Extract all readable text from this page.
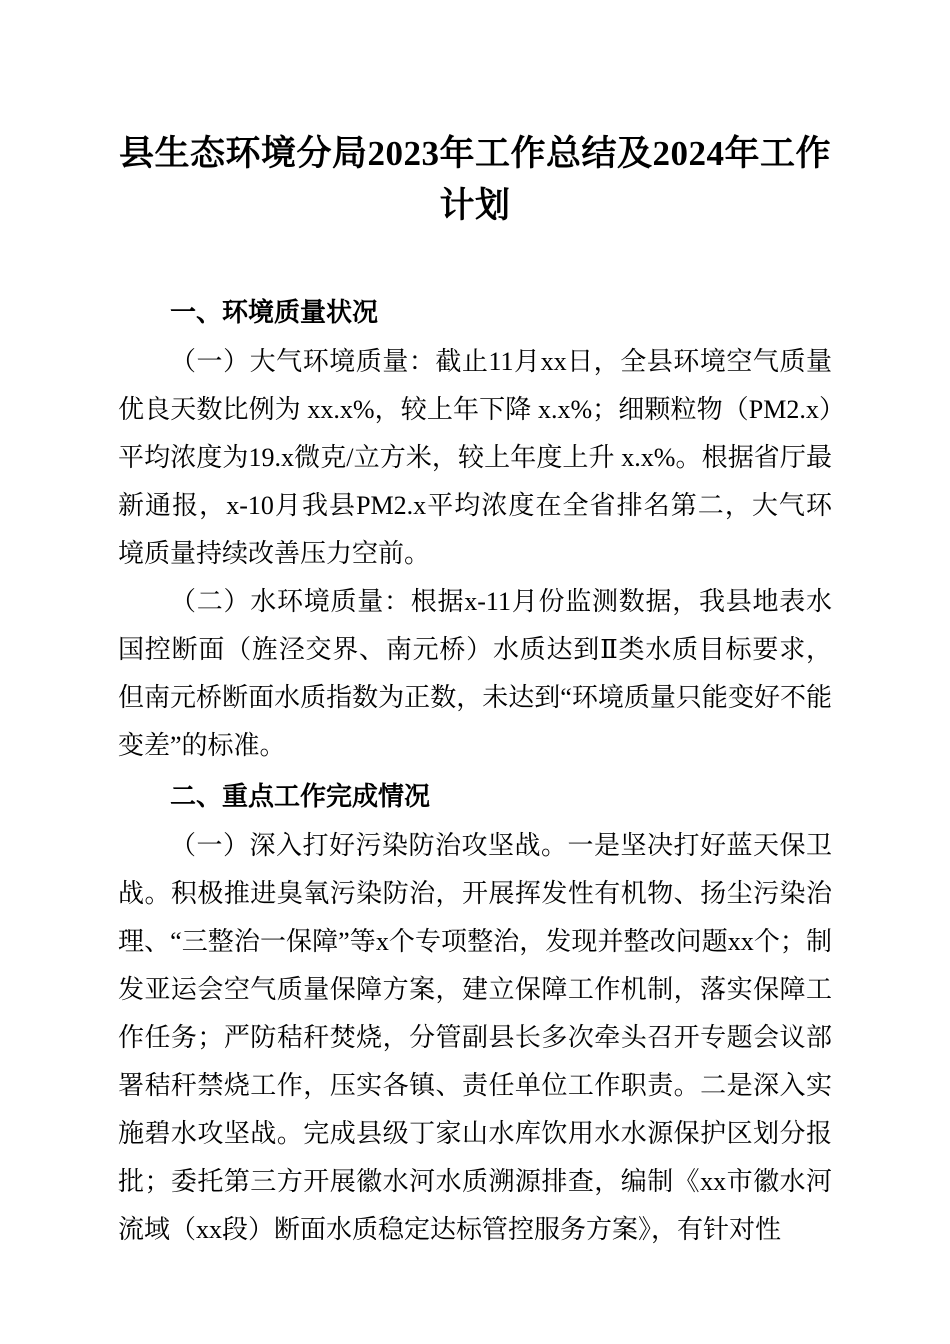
县生态环境分局2023年工作总结及2024年工作计划
一、环境质量状况

（一）大气环境质量：截止11月xx日，全县环境空气质量优良天数比例为 xx.x%，较上年下降 x.x%；细颗粒物（PM2.x）平均浓度为19.x微克/立方米，较上年度上升 x.x%。根据省厅最新通报，x-10月我县PM2.x平均浓度在全省排名第二，大气环境质量持续改善压力空前。

（二）水环境质量：根据x-11月份监测数据，我县地表水国控断面（旌泾交界、南元桥）水质达到Ⅱ类水质目标要求，但南元桥断面水质指数为正数，未达到“环境质量只能变好不能变差”的标准。

二、重点工作完成情况

（一）深入打好污染防治攻坚战。一是坚决打好蓝天保卫战。积极推进臭氧污染防治，开展挥发性有机物、扬尘污染治理、“三整治一保障”等x个专项整治，发现并整改问题xx个；制发亚运会空气质量保障方案，建立保障工作机制，落实保障工作任务；严防秸秆焚烧，分管副县长多次牵头召开专题会议部署秸秆禁烧工作，压实各镇、责任单位工作职责。二是深入实施碧水攻坚战。完成县级丁家山水库饮用水水源保护区划分报批；委托第三方开展徽水河水质溯源排查，编制《xx市徽水河流域（xx段）断面水质稳定达标管控服务方案》，有针对性
